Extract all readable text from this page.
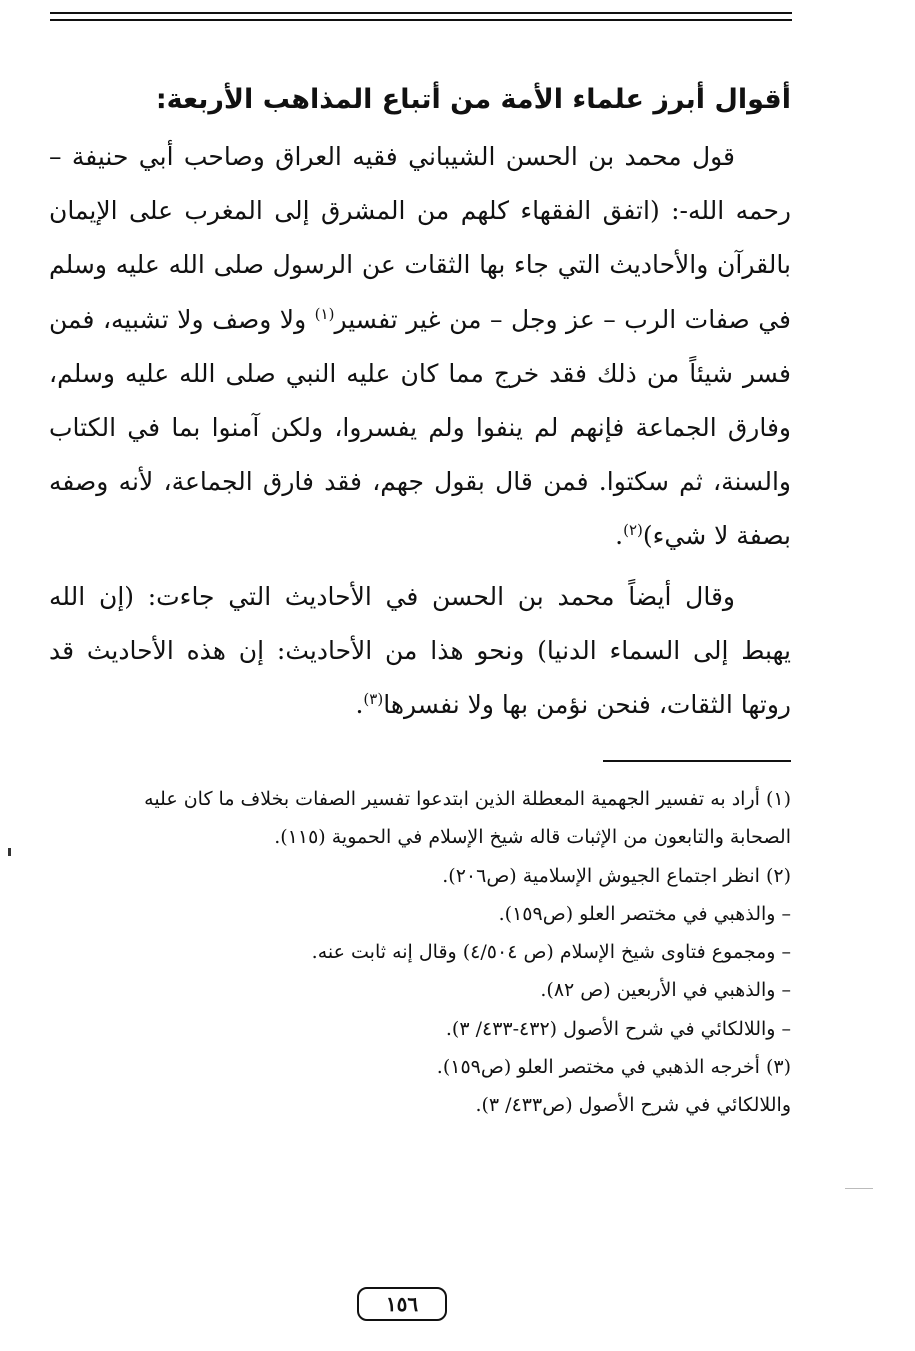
أقوال أبرز علماء الأمة من أتباع المذاهب الأربعة:

قول محمد بن الحسن الشيباني فقيه العراق وصاحب أبي حنيفة – رحمه الله-: (اتفق الفقهاء كلهم من المشرق إلى المغرب على الإيمان بالقرآن والأحاديث التي جاء بها الثقات عن الرسول صلى الله عليه وسلم في صفات الرب – عز وجل – من غير تفسير$^{(١)}$ ولا وصف ولا تشبيه، فمن فسر شيئاً من ذلك فقد خرج مما كان عليه النبي صلى الله عليه وسلم، وفارق الجماعة فإنهم لم ينفوا ولم يفسروا، ولكن آمنوا بما في الكتاب والسنة، ثم سكتوا. فمن قال بقول جهم، فقد فارق الجماعة، لأنه وصفه بصفة لا شيء)$^{(٢)}$.

وقال أيضاً محمد بن الحسن في الأحاديث التي جاءت: (إن الله يهبط إلى السماء الدنيا) ونحو هذا من الأحاديث: إن هذه الأحاديث قد روتها الثقات، فنحن نؤمن بها ولا نفسرها$^{(٣)}$.

(١) أراد به تفسير الجهمية المعطلة الذين ابتدعوا تفسير الصفات بخلاف ما كان عليه
الصحابة والتابعون من الإثبات قاله شيخ الإسلام في الحموية (١١٥).
(٢) انظر اجتماع الجيوش الإسلامية (ص٢٠٦).
– والذهبي في مختصر العلو (ص١٥٩).
– ومجموع فتاوى شيخ الإسلام (ص ٤/٥٠٤) وقال إنه ثابت عنه.
– والذهبي في الأربعين (ص ٨٢).
– واللالكائي في شرح الأصول (٤٣٢-٤٣٣/ ٣).
(٣) أخرجه الذهبي في مختصر العلو (ص١٥٩).
واللالكائي في شرح الأصول (ص٤٣٣/ ٣).
١٥٦
